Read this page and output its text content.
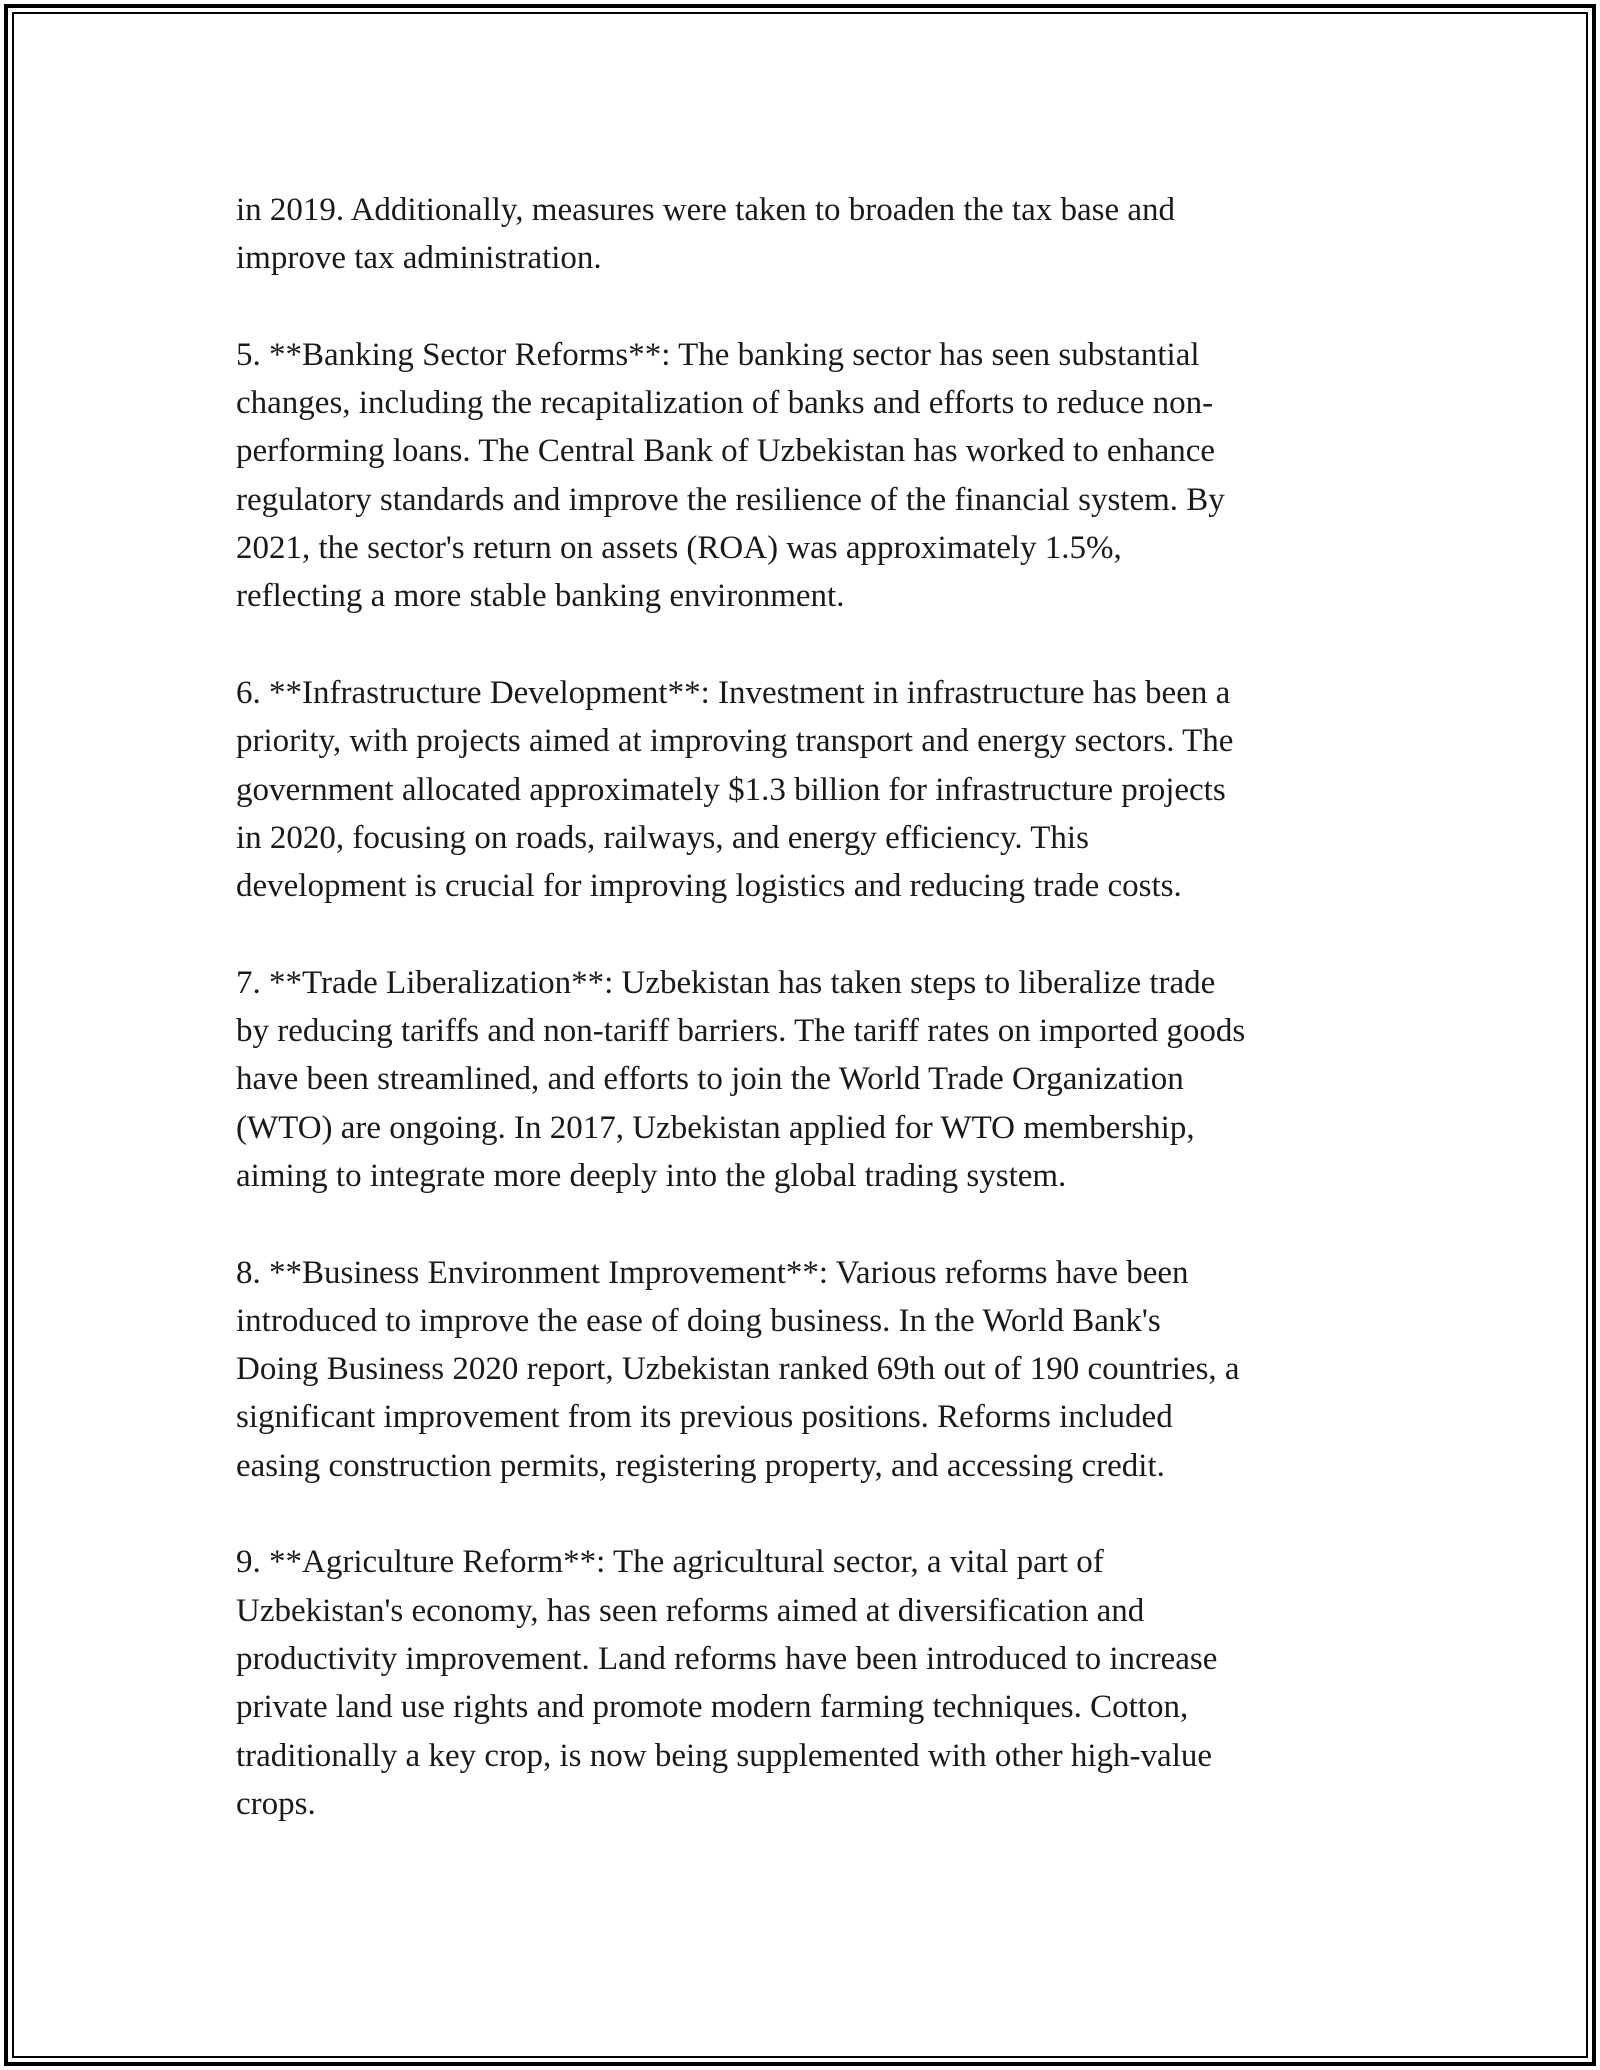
in 2019. Additionally, measures were taken to broaden the tax base and
improve tax administration.

5. **Banking Sector Reforms**: The banking sector has seen substantial
changes, including the recapitalization of banks and efforts to reduce non-
performing loans. The Central Bank of Uzbekistan has worked to enhance
regulatory standards and improve the resilience of the financial system. By
2021, the sector's return on assets (ROA) was approximately 1.5%,
reflecting a more stable banking environment.

6. **Infrastructure Development**: Investment in infrastructure has been a
priority, with projects aimed at improving transport and energy sectors. The
government allocated approximately $1.3 billion for infrastructure projects
in 2020, focusing on roads, railways, and energy efficiency. This
development is crucial for improving logistics and reducing trade costs.

7. **Trade Liberalization**: Uzbekistan has taken steps to liberalize trade
by reducing tariffs and non-tariff barriers. The tariff rates on imported goods
have been streamlined, and efforts to join the World Trade Organization
(WTO) are ongoing. In 2017, Uzbekistan applied for WTO membership,
aiming to integrate more deeply into the global trading system.

8. **Business Environment Improvement**: Various reforms have been
introduced to improve the ease of doing business. In the World Bank's
Doing Business 2020 report, Uzbekistan ranked 69th out of 190 countries, a
significant improvement from its previous positions. Reforms included
easing construction permits, registering property, and accessing credit.

9. **Agriculture Reform**: The agricultural sector, a vital part of
Uzbekistan's economy, has seen reforms aimed at diversification and
productivity improvement. Land reforms have been introduced to increase
private land use rights and promote modern farming techniques. Cotton,
traditionally a key crop, is now being supplemented with other high-value
crops.
